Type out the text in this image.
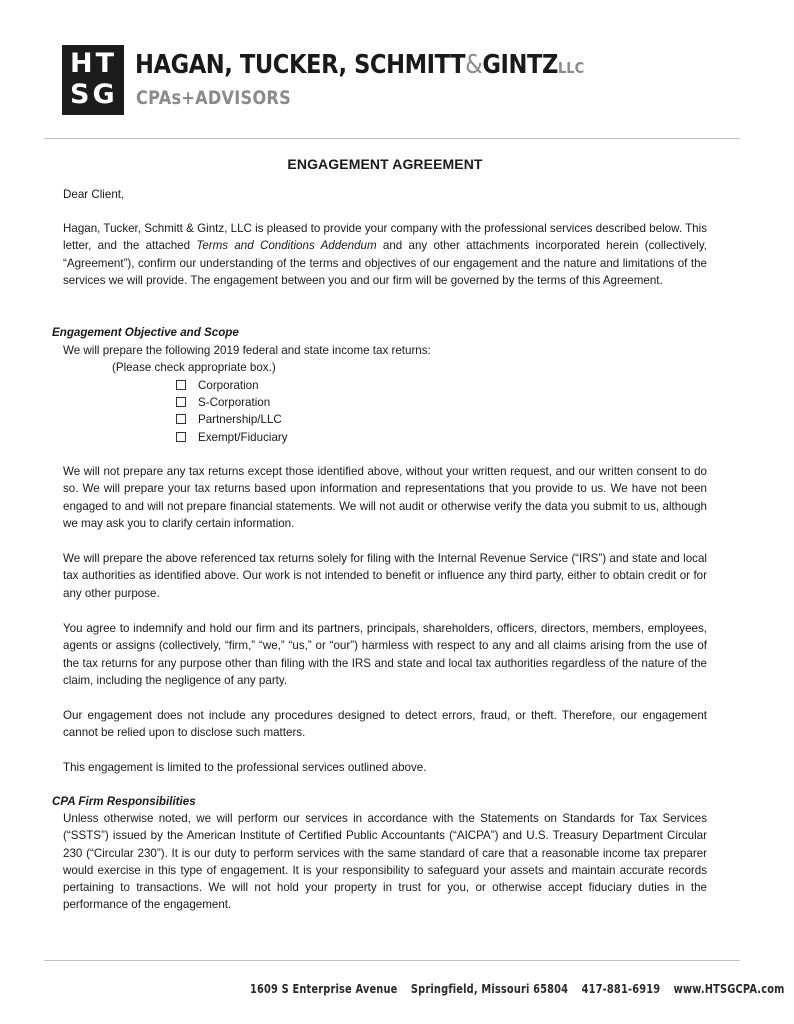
HT
SG
HAGAN, TUCKER, SCHMITT&GINTZLLC
CPAs+ADVISORS
ENGAGEMENT AGREEMENT

Dear Client,

Hagan, Tucker, Schmitt & Gintz, LLC is pleased to provide your company with the professional services described below. This letter, and the attached Terms and Conditions Addendum and any other attachments incorporated herein (collectively, “Agreement”), confirm our understanding of the terms and objectives of our engagement and the nature and limitations of the services we will provide. The engagement between you and our firm will be governed by the terms of this Agreement.

Engagement Objective and Scope

We will prepare the following 2019 federal and state income tax returns:

(Please check appropriate box.)

Corporation

S-Corporation

Partnership/LLC

Exempt/Fiduciary

We will not prepare any tax returns except those identified above, without your written request, and our written consent to do so. We will prepare your tax returns based upon information and representations that you provide to us. We have not been engaged to and will not prepare financial statements. We will not audit or otherwise verify the data you submit to us, although we may ask you to clarify certain information.

We will prepare the above referenced tax returns solely for filing with the Internal Revenue Service (“IRS”) and state and local tax authorities as identified above. Our work is not intended to benefit or influence any third party, either to obtain credit or for any other purpose.

You agree to indemnify and hold our firm and its partners, principals, shareholders, officers, directors, members, employees, agents or assigns (collectively, “firm,” “we,” “us,” or “our”) harmless with respect to any and all claims arising from the use of the tax returns for any purpose other than filing with the IRS and state and local tax authorities regardless of the nature of the claim, including the negligence of any party.

Our engagement does not include any procedures designed to detect errors, fraud, or theft. Therefore, our engagement cannot be relied upon to disclose such matters.

This engagement is limited to the professional services outlined above.

CPA Firm Responsibilities

Unless otherwise noted, we will perform our services in accordance with the Statements on Standards for Tax Services (“SSTS”) issued by the American Institute of Certified Public Accountants (“AICPA”) and U.S. Treasury Department Circular 230 (“Circular 230”). It is our duty to perform services with the same standard of care that a reasonable income tax preparer would exercise in this type of engagement. It is your responsibility to safeguard your assets and maintain accurate records pertaining to transactions. We will not hold your property in trust for you, or otherwise accept fiduciary duties in the performance of the engagement.

1609 S Enterprise Avenue Springfield, Missouri 65804 417-881-6919 www.HTSGCPA.com
